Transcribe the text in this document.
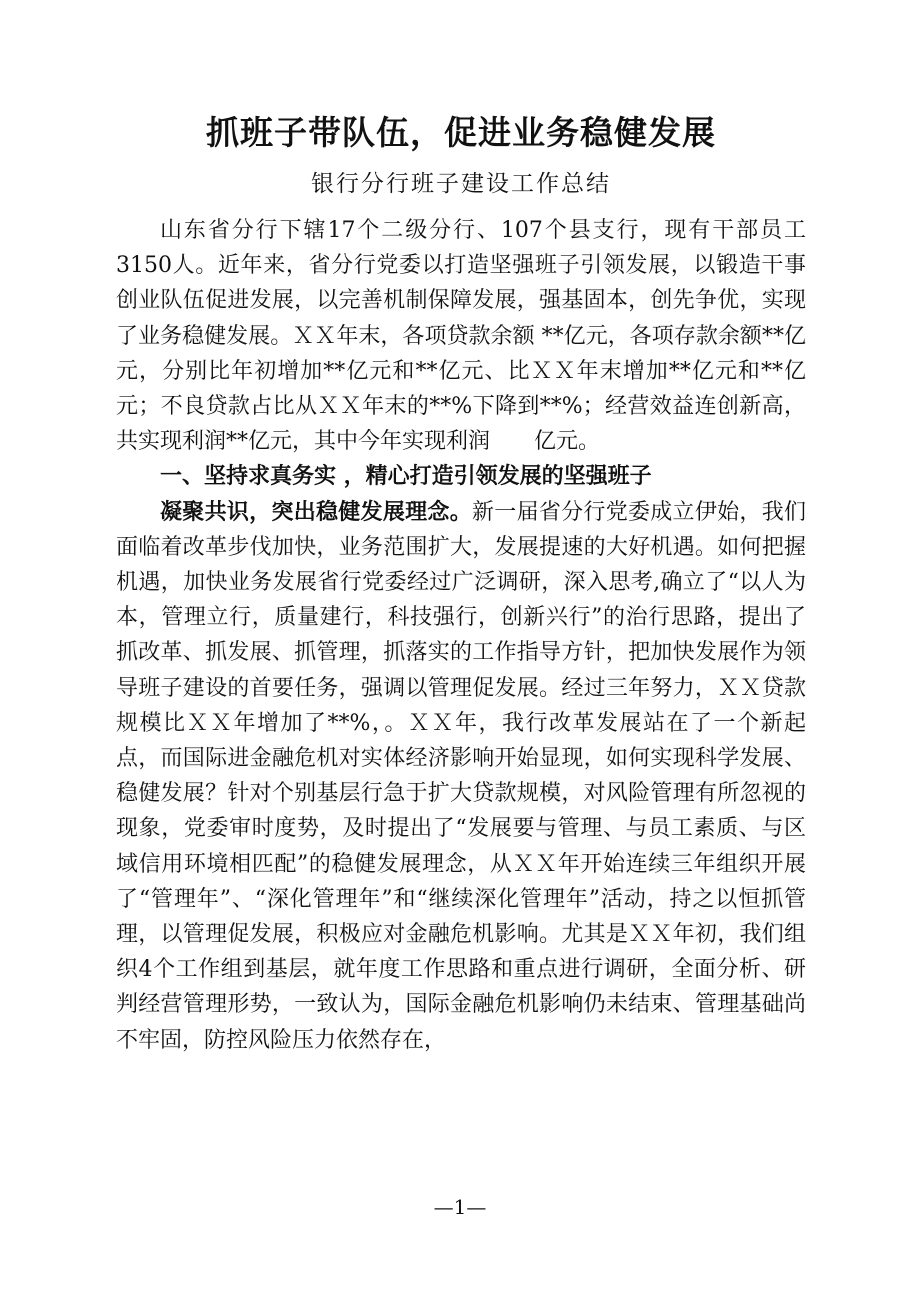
抓班子带队伍，促进业务稳健发展
银行分行班子建设工作总结

山东省分行下辖17个二级分行、107个县支行，现有干部员工3150人。近年来，省分行党委以打造坚强班子引领发展，以锻造干事创业队伍促进发展，以完善机制保障发展，强基固本，创先争优，实现了业务稳健发展。ＸＸ年末，各项贷款余额 **亿元，各项存款余额**亿元，分别比年初增加**亿元和**亿元、比ＸＸ年末增加**亿元和**亿元；不良贷款占比从ＸＸ年末的**%下降到**%；经营效益连创新高，共实现利润**亿元，其中今年实现利润　　亿元。

一、坚持求真务实 ，精心打造引领发展的坚强班子

凝聚共识，突出稳健发展理念。新一届省分行党委成立伊始，我们面临着改革步伐加快，业务范围扩大，发展提速的大好机遇。如何把握机遇，加快业务发展省行党委经过广泛调研，深入思考,确立了“以人为本，管理立行，质量建行，科技强行，创新兴行”的治行思路，提出了抓改革、抓发展、抓管理，抓落实的工作指导方针，把加快发展作为领导班子建设的首要任务，强调以管理促发展。经过三年努力，ＸＸ贷款规模比ＸＸ年增加了**%，。ＸＸ年，我行改革发展站在了一个新起点，而国际进金融危机对实体经济影响开始显现，如何实现科学发展、稳健发展？针对个别基层行急于扩大贷款规模，对风险管理有所忽视的现象，党委审时度势，及时提出了“发展要与管理、与员工素质、与区域信用环境相匹配”的稳健发展理念，从ＸＸ年开始连续三年组织开展了“管理年”、“深化管理年”和“继续深化管理年”活动，持之以恒抓管理，以管理促发展，积极应对金融危机影响。尤其是ＸＸ年初，我们组织4个工作组到基层，就年度工作思路和重点进行调研，全面分析、研判经营管理形势，一致认为，国际金融危机影响仍未结束、管理基础尚不牢固，防控风险压力依然存在，

—1—
